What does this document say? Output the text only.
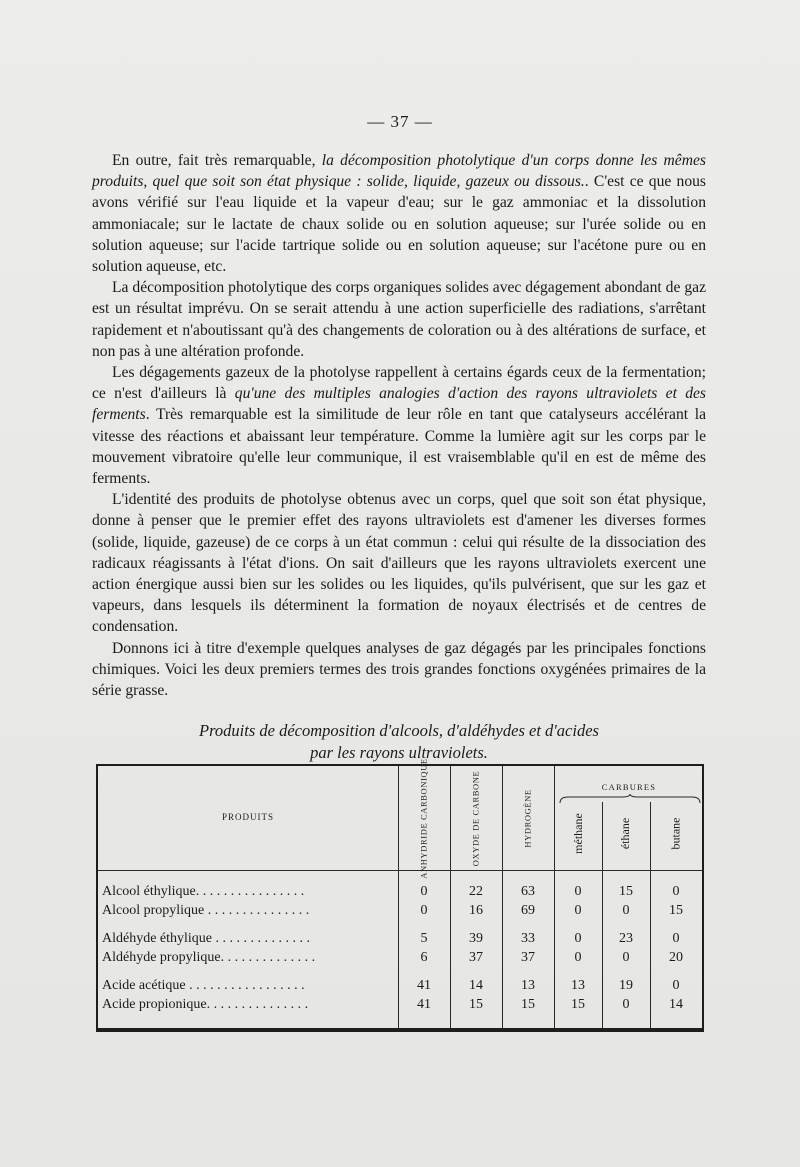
— 37 —

En outre, fait très remarquable, la décomposition photolytique d'un corps donne les mêmes produits, quel que soit son état physique : solide, liquide, gazeux ou dissous.. C'est ce que nous avons vérifié sur l'eau liquide et la vapeur d'eau; sur le gaz ammoniac et la dissolution ammoniacale; sur le lactate de chaux solide ou en solution aqueuse; sur l'urée solide ou en solution aqueuse; sur l'acide tartrique solide ou en solution aqueuse; sur l'acétone pure ou en solution aqueuse, etc.

La décomposition photolytique des corps organiques solides avec dégagement abondant de gaz est un résultat imprévu. On se serait attendu à une action superficielle des radiations, s'arrêtant rapidement et n'aboutissant qu'à des changements de coloration ou à des altérations de surface, et non pas à une altération profonde.

Les dégagements gazeux de la photolyse rappellent à certains égards ceux de la fermentation; ce n'est d'ailleurs là qu'une des multiples analogies d'action des rayons ultraviolets et des ferments. Très remarquable est la similitude de leur rôle en tant que catalyseurs accélérant la vitesse des réactions et abaissant leur température. Comme la lumière agit sur les corps par le mouvement vibratoire qu'elle leur communique, il est vraisemblable qu'il en est de même des ferments.

L'identité des produits de photolyse obtenus avec un corps, quel que soit son état physique, donne à penser que le premier effet des rayons ultraviolets est d'amener les diverses formes (solide, liquide, gazeuse) de ce corps à un état commun : celui qui résulte de la dissociation des radicaux réagissants à l'état d'ions. On sait d'ailleurs que les rayons ultraviolets exercent une action énergique aussi bien sur les solides ou les liquides, qu'ils pulvérisent, que sur les gaz et vapeurs, dans lesquels ils déterminent la formation de noyaux électrisés et de centres de condensation.

Donnons ici à titre d'exemple quelques analyses de gaz dégagés par les principales fonctions chimiques. Voici les deux premiers termes des trois grandes fonctions oxygénées primaires de la série grasse.

Produits de décomposition d'alcools, d'aldéhydes et d'acides
par les rayons ultraviolets.
PRODUITS	ANHYDRIDE CARBONIQUE	OXYDE DE CARBONE	HYDROGÈNE
CARBURES
méthane	éthane	butane
Alcool éthylique. . . . . . . . . . . . . . . .	0	22	63	0	15	0
Alcool propylique . . . . . . . . . . . . . . .	0	16	69	0	0	15
Aldéhyde éthylique . . . . . . . . . . . . . .	5	39	33	0	23	0
Aldéhyde propylique. . . . . . . . . . . . . .	6	37	37	0	0	20
Acide acétique . . . . . . . . . . . . . . . . .	41	14	13	13	19	0
Acide propionique. . . . . . . . . . . . . . .	41	15	15	15	0	14
